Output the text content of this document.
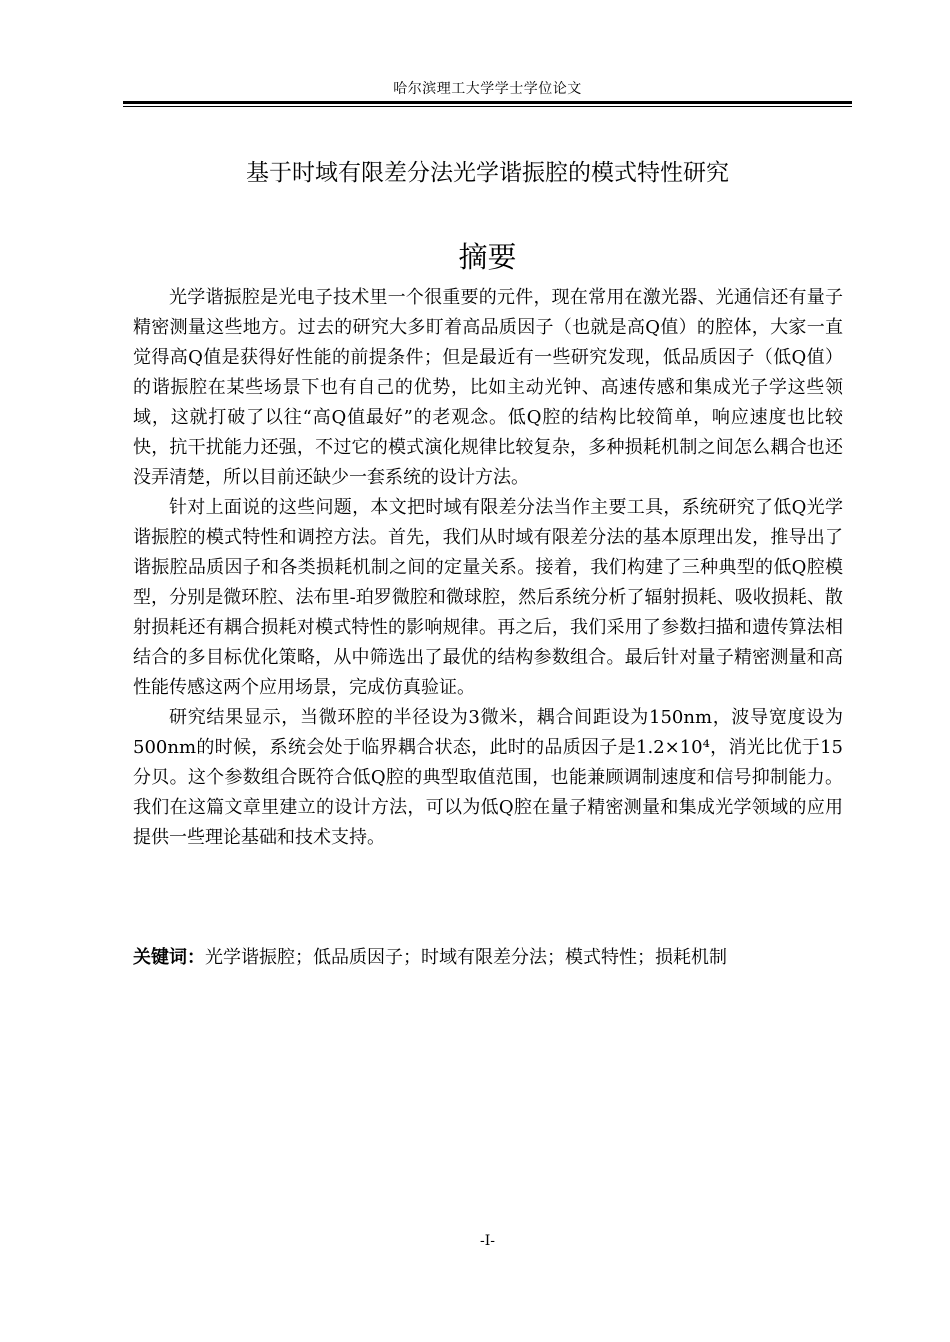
哈尔滨理工大学学士学位论文
基于时域有限差分法光学谐振腔的模式特性研究
摘要

光学谐振腔是光电子技术里一个很重要的元件，现在常用在激光器、光通信还有量子精密测量这些地方。过去的研究大多盯着高品质因子（也就是高Q值）的腔体，大家一直觉得高Q值是获得好性能的前提条件；但是最近有一些研究发现，低品质因子（低Q值）的谐振腔在某些场景下也有自己的优势，比如主动光钟、高速传感和集成光子学这些领域，这就打破了以往“高Q值最好”的老观念。低Q腔的结构比较简单，响应速度也比较快，抗干扰能力还强，不过它的模式演化规律比较复杂，多种损耗机制之间怎么耦合也还没弄清楚，所以目前还缺少一套系统的设计方法。

针对上面说的这些问题，本文把时域有限差分法当作主要工具，系统研究了低Q光学谐振腔的模式特性和调控方法。首先，我们从时域有限差分法的基本原理出发，推导出了谐振腔品质因子和各类损耗机制之间的定量关系。接着，我们构建了三种典型的低Q腔模型，分别是微环腔、法布里-珀罗微腔和微球腔，然后系统分析了辐射损耗、吸收损耗、散射损耗还有耦合损耗对模式特性的影响规律。再之后，我们采用了参数扫描和遗传算法相结合的多目标优化策略，从中筛选出了最优的结构参数组合。最后针对量子精密测量和高性能传感这两个应用场景，完成仿真验证。

研究结果显示，当微环腔的半径设为3微米，耦合间距设为150nm，波导宽度设为500nm的时候，系统会处于临界耦合状态，此时的品质因子是1.2×10⁴，消光比优于15分贝。这个参数组合既符合低Q腔的典型取值范围，也能兼顾调制速度和信号抑制能力。我们在这篇文章里建立的设计方法，可以为低Q腔在量子精密测量和集成光学领域的应用提供一些理论基础和技术支持。

关键词：光学谐振腔；低品质因子；时域有限差分法；模式特性；损耗机制
-I-
